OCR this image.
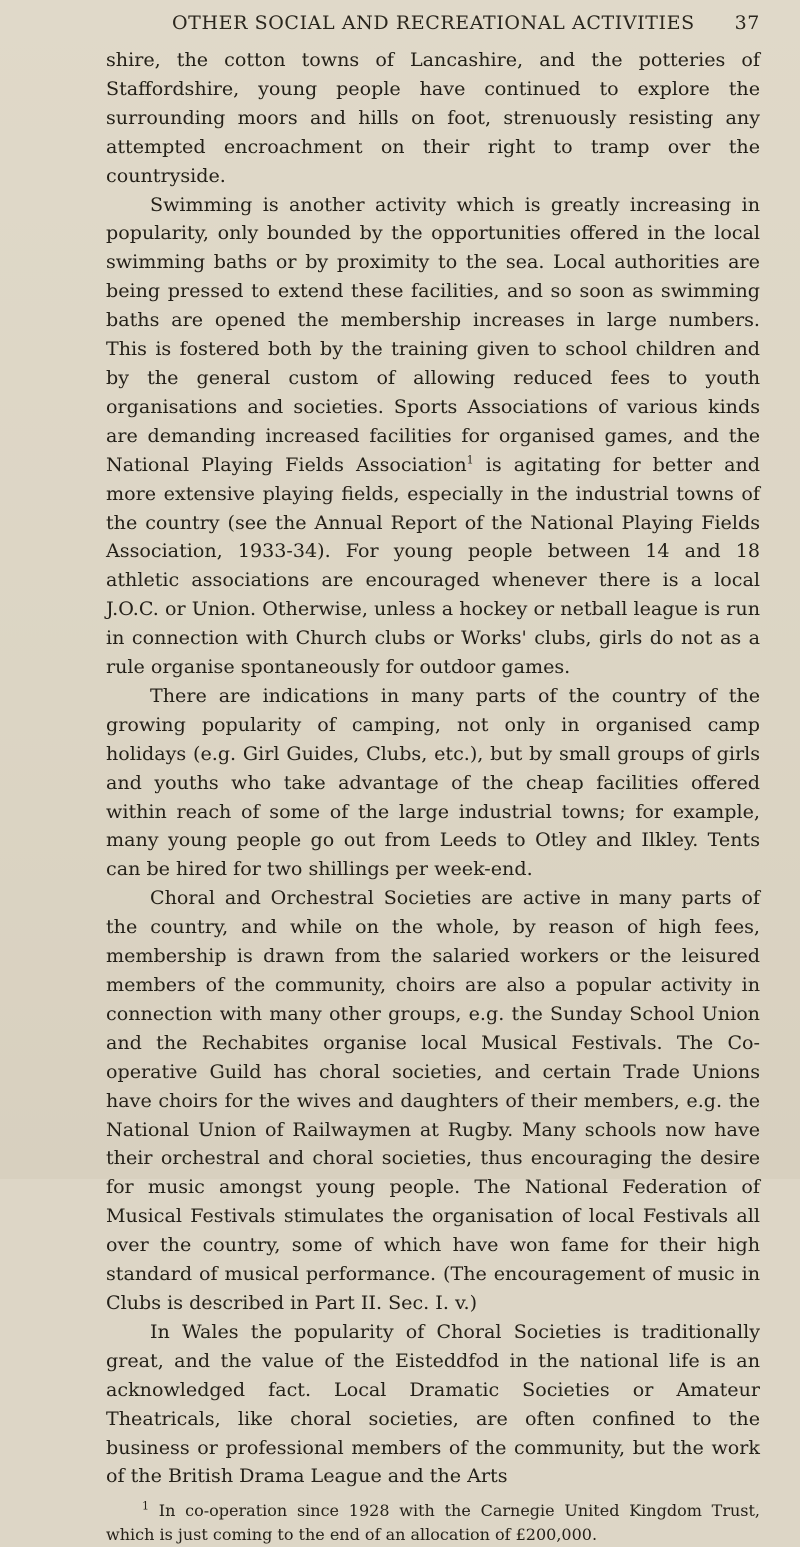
OTHER SOCIAL AND RECREATIONAL ACTIVITIES 37

shire, the cotton towns of Lancashire, and the potteries of Staffordshire, young people have continued to explore the surrounding moors and hills on foot, strenuously resisting any attempted encroachment on their right to tramp over the countryside.

Swimming is another activity which is greatly increasing in popularity, only bounded by the opportunities offered in the local swimming baths or by proximity to the sea. Local authorities are being pressed to extend these facilities, and so soon as swimming baths are opened the membership increases in large numbers. This is fostered both by the training given to school children and by the general custom of allowing reduced fees to youth organisations and societies. Sports Associations of various kinds are demanding increased facilities for organised games, and the National Playing Fields Association$^1$ is agitating for better and more extensive playing fields, especially in the industrial towns of the country (see the Annual Report of the National Playing Fields Association, 1933-34). For young people between 14 and 18 athletic associations are encouraged whenever there is a local J.O.C. or Union. Otherwise, unless a hockey or netball league is run in connection with Church clubs or Works' clubs, girls do not as a rule organise spontaneously for outdoor games.

There are indications in many parts of the country of the growing popularity of camping, not only in organised camp holidays (e.g. Girl Guides, Clubs, etc.), but by small groups of girls and youths who take advantage of the cheap facilities offered within reach of some of the large industrial towns; for example, many young people go out from Leeds to Otley and Ilkley. Tents can be hired for two shillings per week-end.

Choral and Orchestral Societies are active in many parts of the country, and while on the whole, by reason of high fees, membership is drawn from the salaried workers or the leisured members of the community, choirs are also a popular activity in connection with many other groups, e.g. the Sunday School Union and the Rechabites organise local Musical Festivals. The Co-operative Guild has choral societies, and certain Trade Unions have choirs for the wives and daughters of their members, e.g. the National Union of Railwaymen at Rugby. Many schools now have their orchestral and choral societies, thus encouraging the desire for music amongst young people. The National Federation of Musical Festivals stimulates the organisation of local Festivals all over the country, some of which have won fame for their high standard of musical performance. (The encouragement of music in Clubs is described in Part II. Sec. I. v.)

In Wales the popularity of Choral Societies is traditionally great, and the value of the Eisteddfod in the national life is an acknowledged fact. Local Dramatic Societies or Amateur Theatricals, like choral societies, are often confined to the business or professional members of the community, but the work of the British Drama League and the Arts

$^1$ In co-operation since 1928 with the Carnegie United Kingdom Trust, which is just coming to the end of an allocation of £200,000.
